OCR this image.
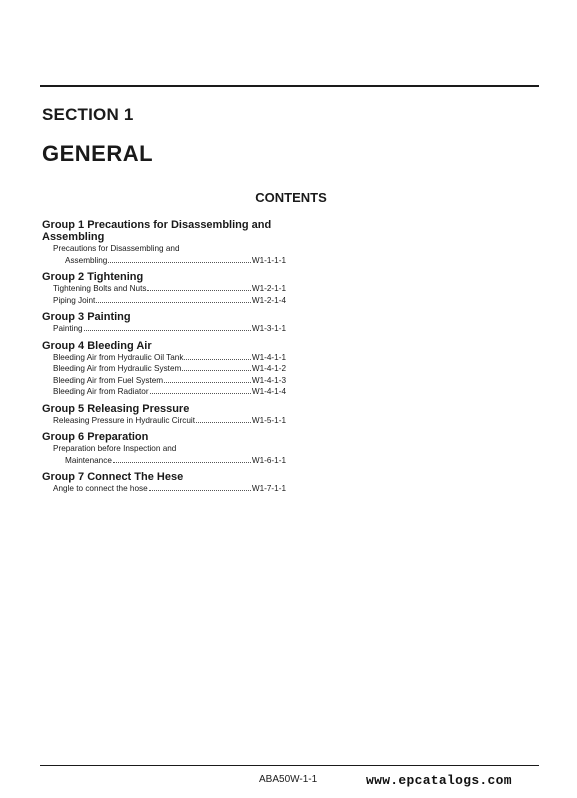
SECTION 1
GENERAL
CONTENTS
Group 1 Precautions for Disassembling and Assembling
Precautions for Disassembling and
Assembling	W1-1-1-1
Group 2 Tightening
Tightening Bolts and Nuts	W1-2-1-1
Piping Joint	W1-2-1-4
Group 3 Painting
Painting	W1-3-1-1
Group 4 Bleeding Air
Bleeding Air from Hydraulic Oil Tank	W1-4-1-1
Bleeding Air from Hydraulic System	W1-4-1-2
Bleeding Air from Fuel System	W1-4-1-3
Bleeding Air from Radiator	W1-4-1-4
Group 5 Releasing Pressure
Releasing Pressure in Hydraulic Circuit	W1-5-1-1
Group 6 Preparation
Preparation before Inspection and
Maintenance	W1-6-1-1
Group 7 Connect The Hese
Angle to connect the hose	W1-7-1-1
ABA50W-1-1	www.epcatalogs.com
